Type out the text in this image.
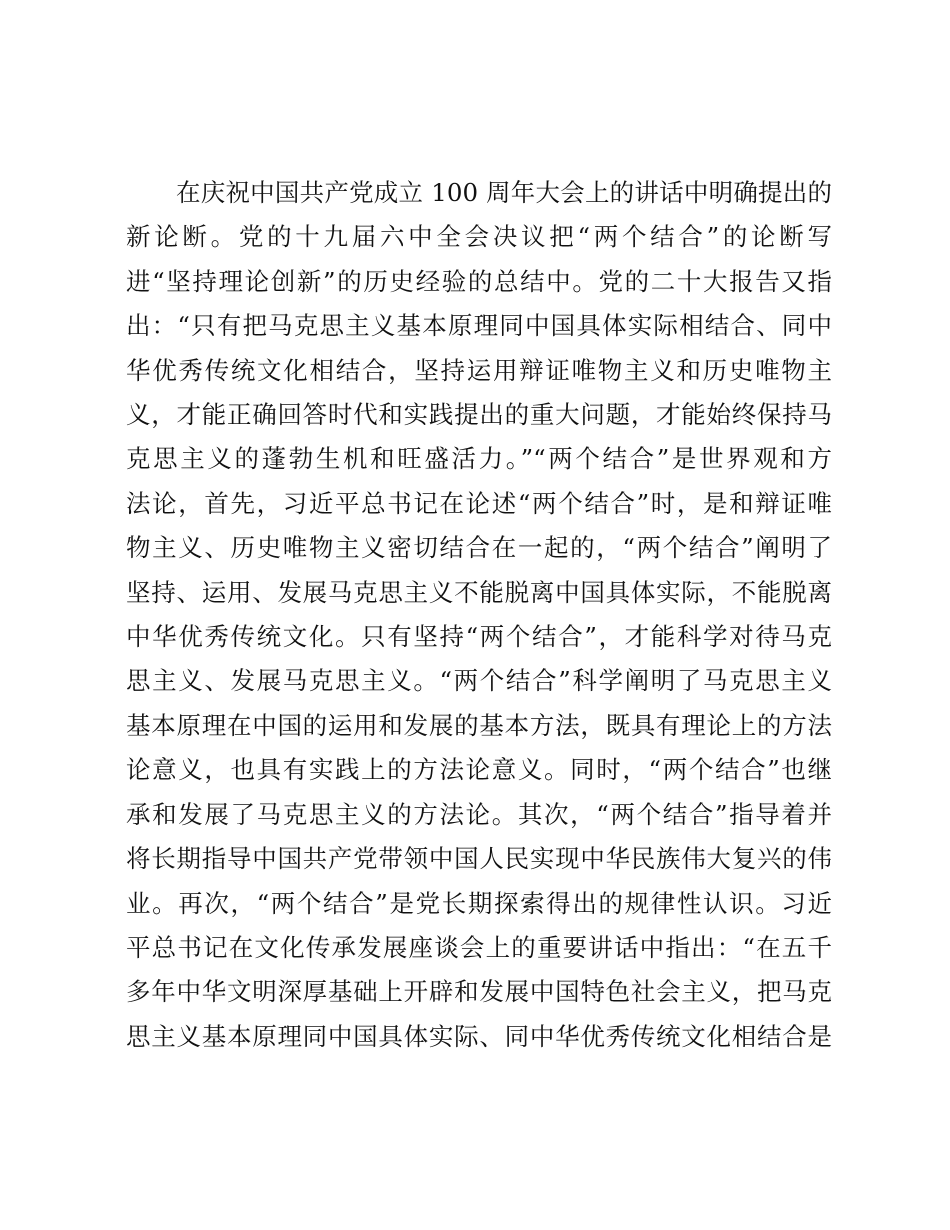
在庆祝中国共产党成立 100 周年大会上的讲话中明确提出的
新论断。党的十九届六中全会决议把“两个结合”的论断写
进“坚持理论创新”的历史经验的总结中。党的二十大报告又指
出：“只有把马克思主义基本原理同中国具体实际相结合、同中
华优秀传统文化相结合，坚持运用辩证唯物主义和历史唯物主
义，才能正确回答时代和实践提出的重大问题，才能始终保持马
克思主义的蓬勃生机和旺盛活力。”“两个结合”是世界观和方
法论，首先，习近平总书记在论述“两个结合”时，是和辩证唯
物主义、历史唯物主义密切结合在一起的，“两个结合”阐明了
坚持、运用、发展马克思主义不能脱离中国具体实际，不能脱离
中华优秀传统文化。只有坚持“两个结合”，才能科学对待马克
思主义、发展马克思主义。“两个结合”科学阐明了马克思主义
基本原理在中国的运用和发展的基本方法，既具有理论上的方法
论意义，也具有实践上的方法论意义。同时，“两个结合”也继
承和发展了马克思主义的方法论。其次，“两个结合”指导着并
将长期指导中国共产党带领中国人民实现中华民族伟大复兴的伟
业。再次，“两个结合”是党长期探索得出的规律性认识。习近
平总书记在文化传承发展座谈会上的重要讲话中指出：“在五千
多年中华文明深厚基础上开辟和发展中国特色社会主义，把马克
思主义基本原理同中国具体实际、同中华优秀传统文化相结合是
